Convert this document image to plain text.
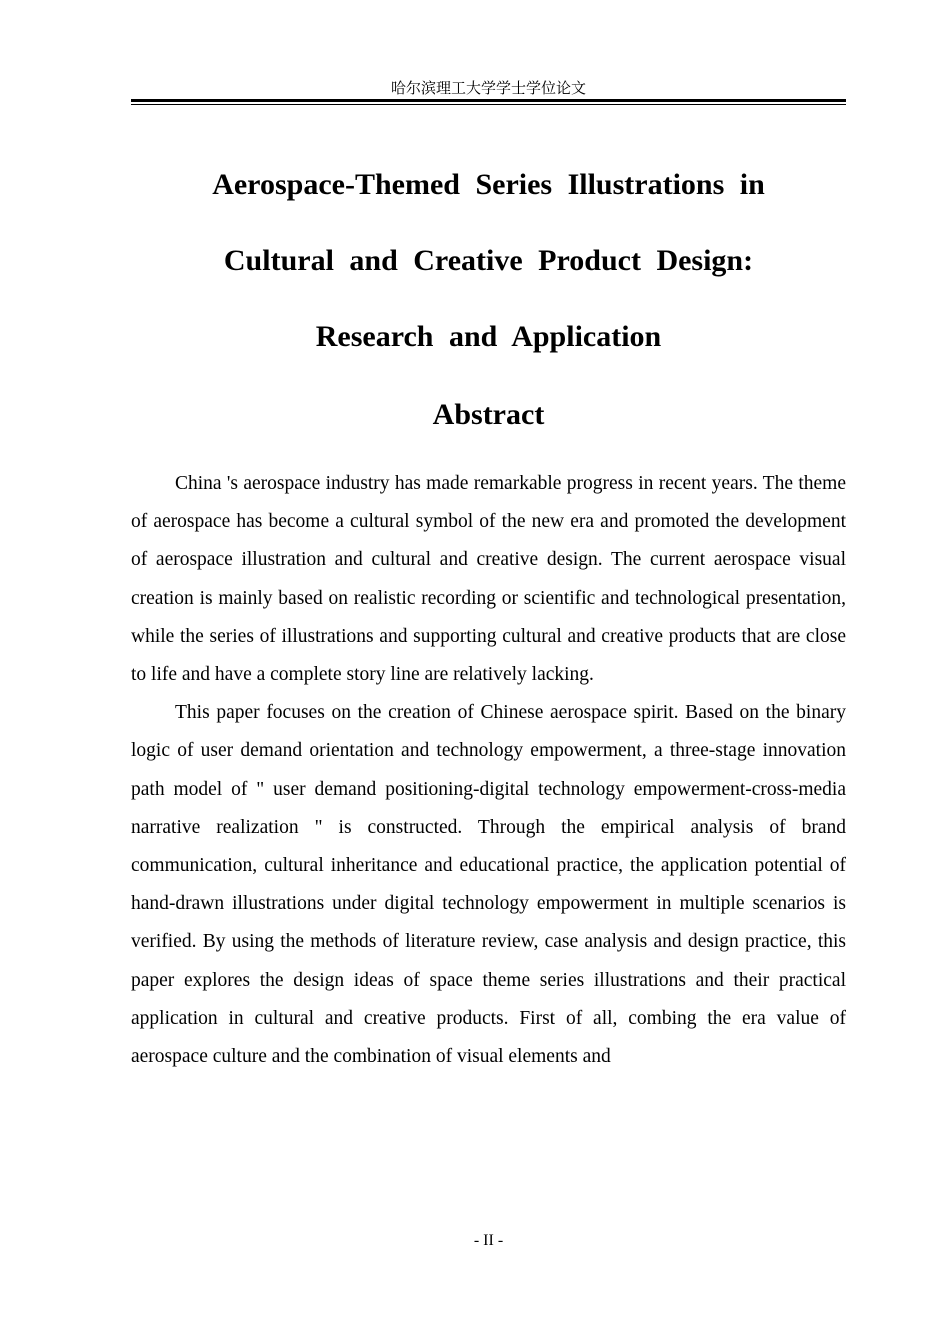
哈尔滨理工大学学士学位论文
Aerospace-Themed Series Illustrations in
Cultural and Creative Product Design:
Research and Application
Abstract

China 's aerospace industry has made remarkable progress in recent years. The theme of aerospace has become a cultural symbol of the new era and promoted the development of aerospace illustration and cultural and creative design. The current aerospace visual creation is mainly based on realistic recording or scientific and technological presentation, while the series of illustrations and supporting cultural and creative products that are close to life and have a complete story line are relatively lacking.

This paper focuses on the creation of Chinese aerospace spirit. Based on the binary logic of user demand orientation and technology empowerment, a three-stage innovation path model of " user demand positioning-digital technology empowerment-cross-media narrative realization " is constructed. Through the empirical analysis of brand communication, cultural inheritance and educational practice, the application potential of hand-drawn illustrations under digital technology empowerment in multiple scenarios is verified. By using the methods of literature review, case analysis and design practice, this paper explores the design ideas of space theme series illustrations and their practical application in cultural and creative products. First of all, combing the era value of aerospace culture and the combination of visual elements and

- II -
